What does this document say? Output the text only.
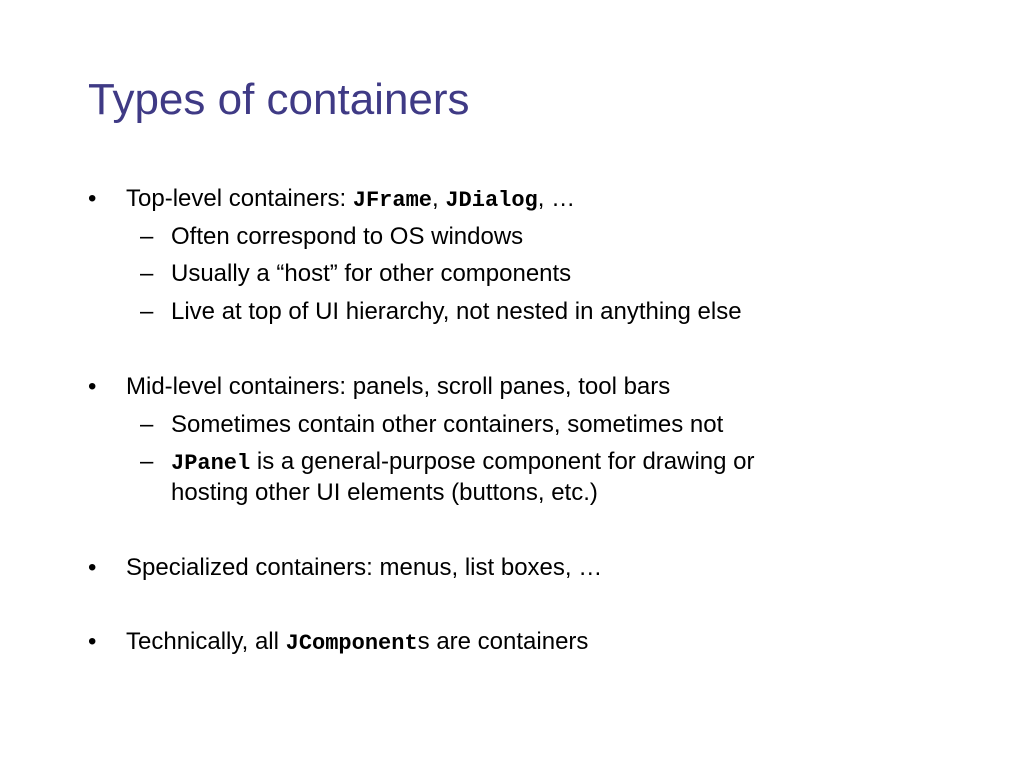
Types of containers
• Top-level containers: JFrame, JDialog, …
– Often correspond to OS windows
– Usually a “host” for other components
– Live at top of UI hierarchy, not nested in anything else
• Mid-level containers: panels, scroll panes, tool bars
– Sometimes contain other containers, sometimes not
– JPanel is a general-purpose component for drawing or
hosting other UI elements (buttons, etc.)
• Specialized containers: menus, list boxes, …
• Technically, all JComponents are containers
